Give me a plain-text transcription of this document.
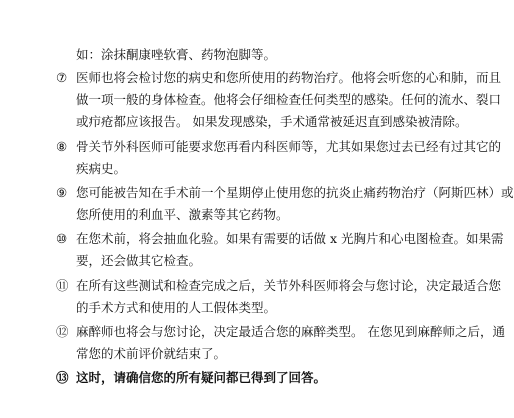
如：涂抹酮康唑软膏、药物泡脚等。
⑦ 医师也将会检讨您的病史和您所使用的药物治疗。他将会听您的心和肺，而且
做一项一般的身体检查。他将会仔细检查任何类型的感染。任何的流水、裂口
或疖疮都应该报告。 如果发现感染，手术通常被延迟直到感染被清除。
⑧ 骨关节外科医师可能要求您再看内科医师等，尤其如果您过去已经有过其它的
疾病史。
⑨ 您可能被告知在手术前一个星期停止使用您的抗炎止痛药物治疗（阿斯匹林）或
您所使用的利血平、激素等其它药物。
⑩ 在您术前，将会抽血化验。如果有需要的话做 x 光胸片和心电图检查。如果需
要，还会做其它检查。
⑪ 在所有这些测试和检查完成之后，关节外科医师将会与您讨论，决定最适合您
的手术方式和使用的人工假体类型。
⑫ 麻醉师也将会与您讨论，决定最适合您的麻醉类型。 在您见到麻醉师之后，通
常您的术前评价就结束了。
⑬ 这时，请确信您的所有疑问都已得到了回答。
